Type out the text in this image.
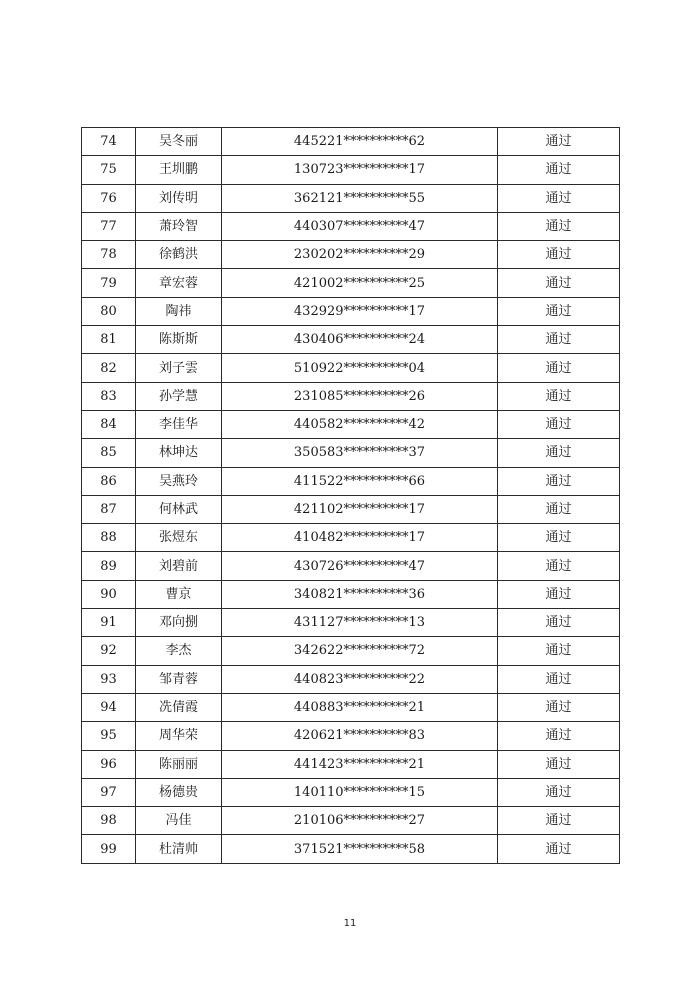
74	吴冬丽	445221**********62	通过
75	王圳鹏	130723**********17	通过
76	刘传明	362121**********55	通过
77	萧玲智	440307**********47	通过
78	徐鹤洪	230202**********29	通过
79	章宏蓉	421002**********25	通过
80	陶祎	432929**********17	通过
81	陈斯斯	430406**********24	通过
82	刘子雲	510922**********04	通过
83	孙学慧	231085**********26	通过
84	李佳华	440582**********42	通过
85	林坤达	350583**********37	通过
86	吴燕玲	411522**********66	通过
87	何林武	421102**********17	通过
88	张煜东	410482**********17	通过
89	刘碧前	430726**********47	通过
90	曹京	340821**********36	通过
91	邓向捌	431127**********13	通过
92	李杰	342622**********72	通过
93	邹青蓉	440823**********22	通过
94	冼倩霞	440883**********21	通过
95	周华荣	420621**********83	通过
96	陈丽丽	441423**********21	通过
97	杨德贵	140110**********15	通过
98	冯佳	210106**********27	通过
99	杜清帅	371521**********58	通过
11
